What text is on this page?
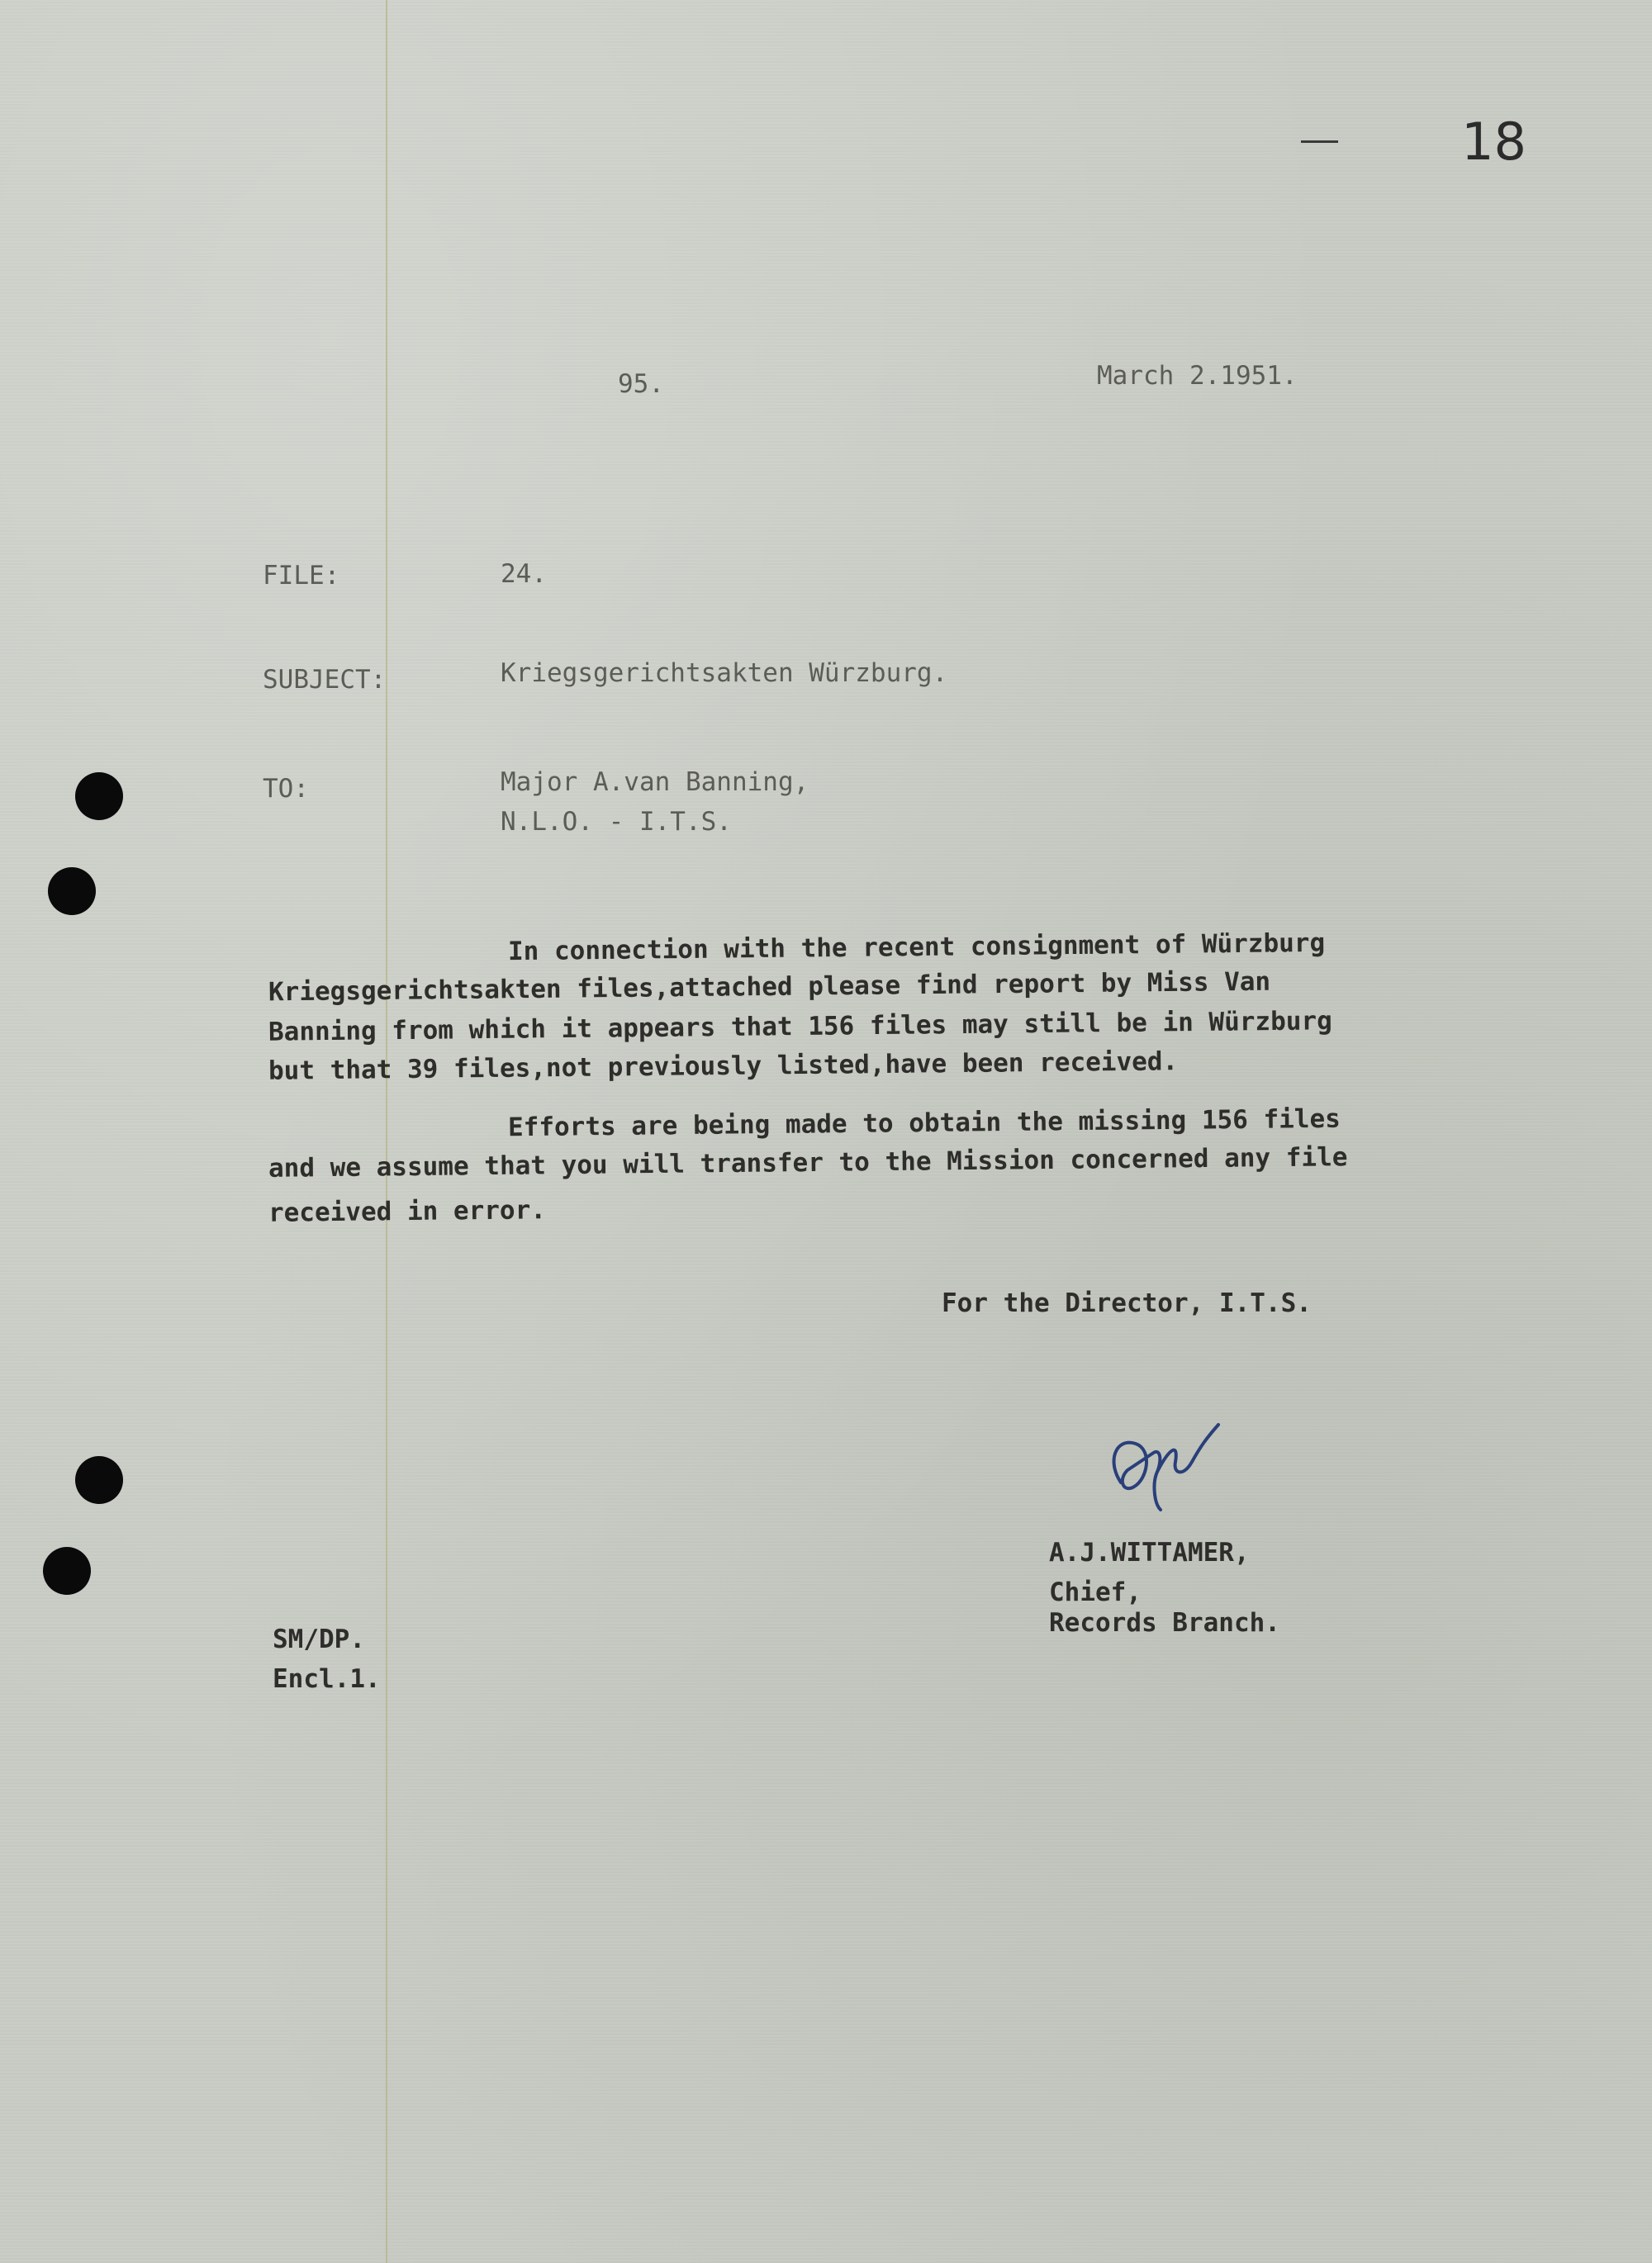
18
95.	March 2.1951.
FILE:	24.
SUBJECT:	Kriegsgerichtsakten Würzburg.
TO:	Major A.van Banning,
N.L.O. - I.T.S.
In connection with the recent consignment of Würzburg
Kriegsgerichtsakten files,attached please find report by Miss Van
Banning from which it appears that 156 files may still be in Würzburg
but that 39 files,not previously listed,have been received.
Efforts are being made to obtain the missing 156 files
and we assume that you will transfer to the Mission concerned any file
received in error.
For the Director, I.T.S.
A.J.WITTAMER,
Chief,
Records Branch.
SM/DP.
Encl.1.
